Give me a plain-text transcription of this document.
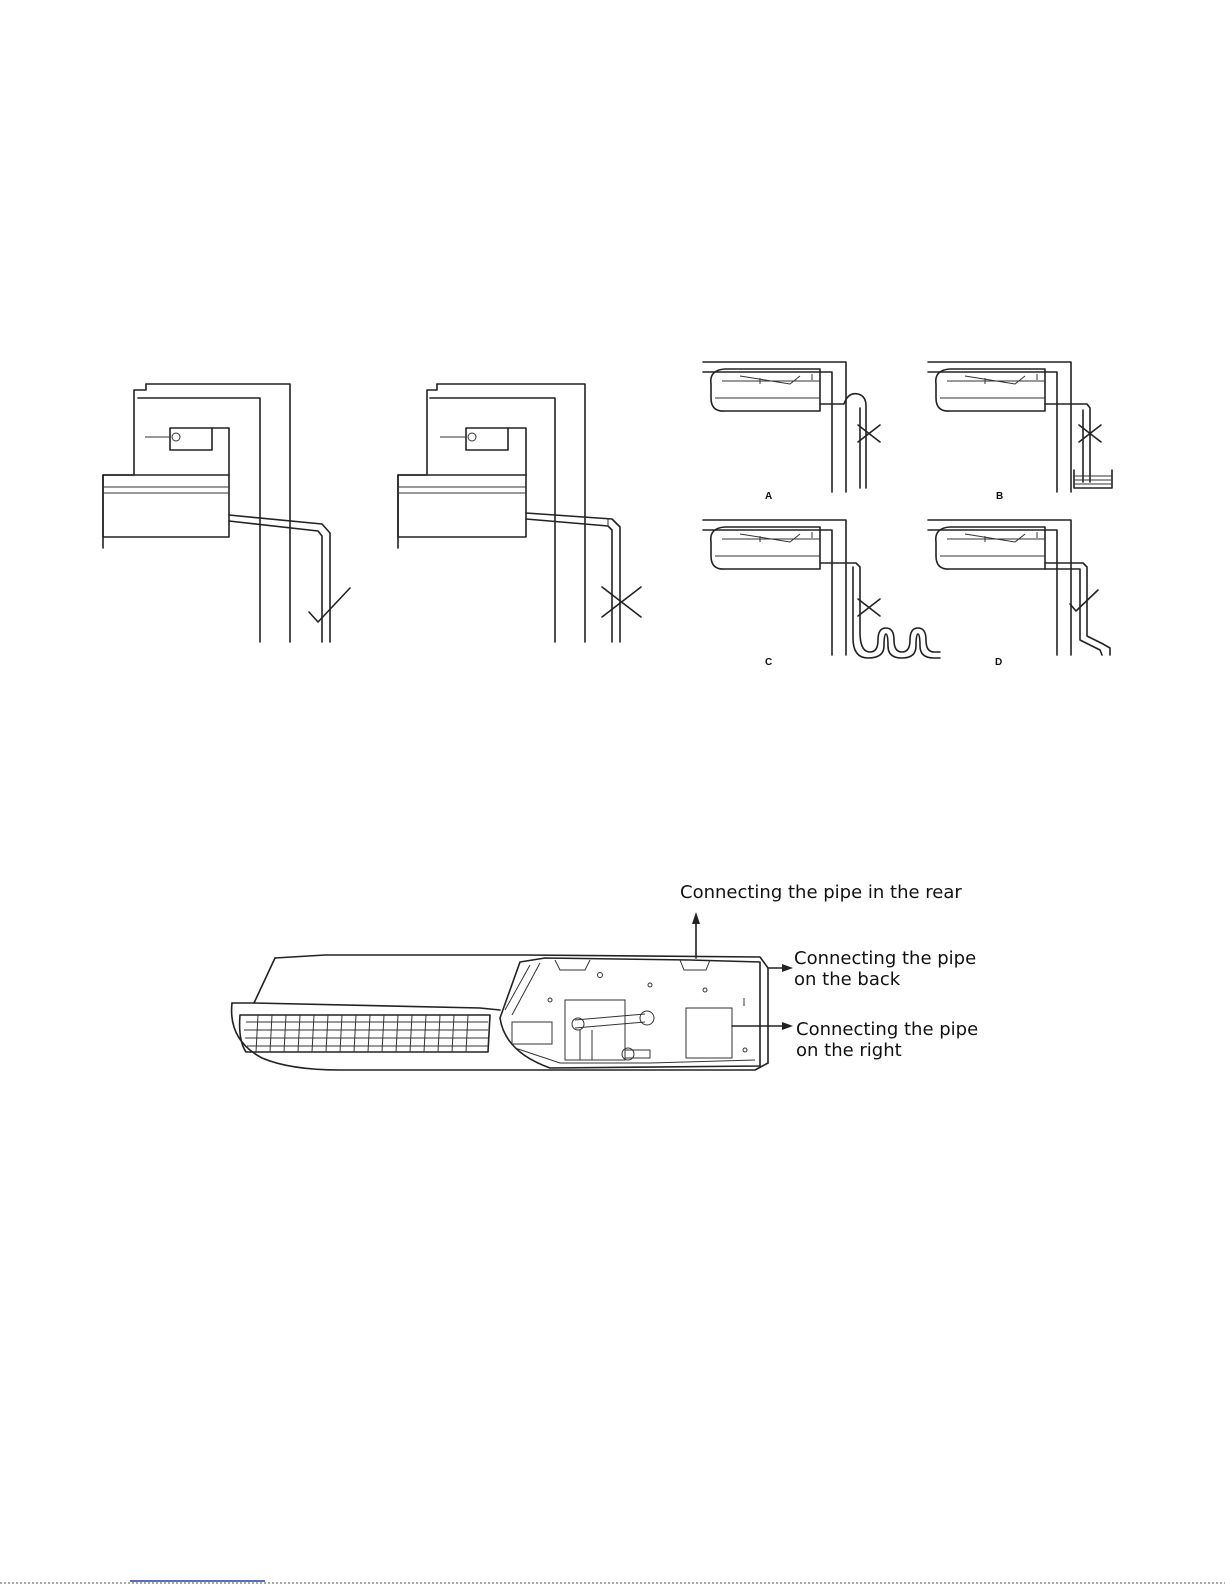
A	B
C	D
Connecting the pipe in the rear
Connecting the pipe
on the back
Connecting the pipe
on the right
